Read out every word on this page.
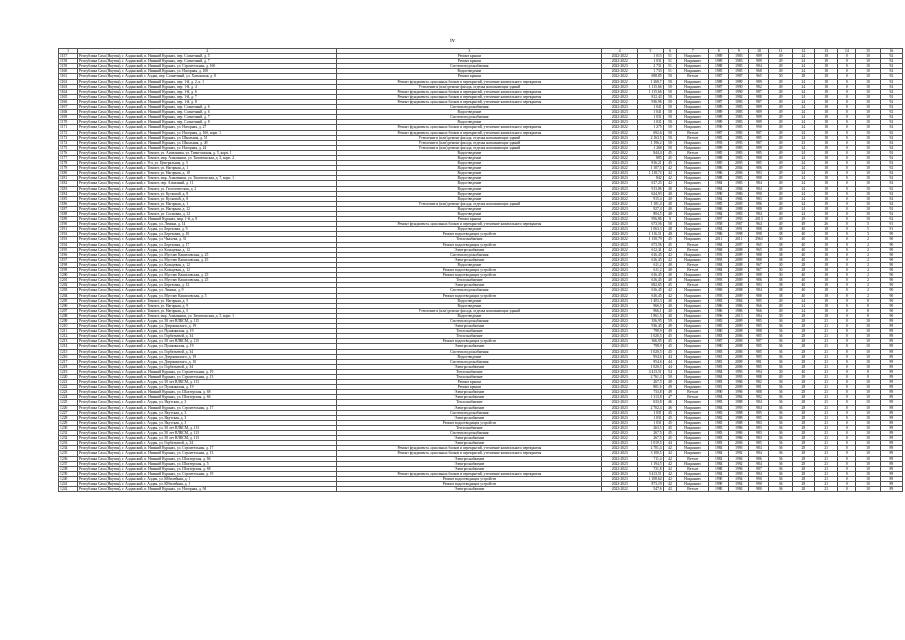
iv
1	2	3	4	5	6	7	8	9	10	11	12	13	14	15	16
1157	Республика Саха (Якутия), г. Алданский, п. Нижний Куранах, пер. Солнечный, д. 5	Ремонт крыши	2022-2022	1 015	51	Нахраниес	1989	1983	989	49	24	18	0	10	92
1158	Республика Саха (Якутия), г. Алданский, п. Нижний Куранах, пер. Солнечный, д. 7	Ремонт крыши	2022-2022	1 031	51	Нахраниес	1989	1983	989	49	24	18	0	10	92
1159	Республика Саха (Якутия), г. Алданский, п. Нижний Куранах, ул. Строительная, д. 16б	Система водоснабжения	2022-2023	2 731	51	Нахраниес	1988	1983	984	49	24	18	0	10	92
1160	Республика Саха (Якутия), г. Алданский, п. Нижний Куранах, ул. Нагорная, д. 100	Водоотведение	2022-2022	1 733	51	Нахраниес	1985	1985	968	49	24	18	0	10	92
1161	Республика Саха (Якутия), г. Алданский, г. Алдан, пер. Солнечный, ул. Хатынская, д. 8	Ремонт крыши	2022-2022	698,85	50	Ветхое	1987	1987	965	50	28	18	0	10	92
1162	Республика Саха (Якутия), г. Алданский, п. Нижний Куранах, пер. 1-й, д. 2, к. 1	Ремонт фундамента, цокольных блоков и перекрытий, утепление капитального перекрытия	2022-2022	1 268,7	50	Нахраниес	1989	1989	989	49	24	18	0	10	92
1163	Республика Саха (Якутия), г. Алданский, п. Нижний Куранах, пер. 1-й, д. 4	Утепление и (или) ремонт фасада, отделка наполняющих зданий	2022-2023	1 115,66	50	Нахраниес	1987	1990	982	49	24	18	0	10	92
1164	Республика Саха (Якутия), г. Алданский, п. Нижний Куранах, пер. 1-й, д. 6	Ремонт фундамента, цокольных блоков и перекрытий, утепление капитального перекрытия	2022-2022	1 115,66	50	Нахраниес	1987	1990	987	49	24	18	0	10	92
1165	Республика Саха (Якутия), г. Алданский, п. Нижний Куранах, пер. 1-й, д. 7	Ремонт фундамента, цокольных блоков и перекрытий, утепление капитального перекрытия	2022-2023	812,43	50	Нахраниес	1989	1984	988	49	24	18	0	10	92
1166	Республика Саха (Якутия), г. Алданский, п. Нижний Куранах, пер. 1-й, д. 8	Ремонт фундамента, цокольных блоков и перекрытий, утепление капитального перекрытия	2022-2022	936,96	50	Нахраниес	1987	1983	987	49	24	18	0	10	92
1167	Республика Саха (Якутия), г. Алданский, п. Нижний Куранах, пер. Солнечный, д. 6	Система водоснабжения	2022-2023	1 041	50	Нахраниес	1989	1983	989	49	24	18	0	10	92
1168	Республика Саха (Якутия), г. Алданский, п. Нижний Куранах, пер. Солнечный, д. 6	Водоотведение	2022-2023	1 041	50	Нахраниес	1989	1983	989	49	24	18	0	10	92
1169	Республика Саха (Якутия), г. Алданский, п. Нижний Куранах, пер. Солнечный, д. 7	Система водоснабжения	2022-2022	1 031	50	Нахраниес	1989	1983	989	49	24	18	0	10	92
1170	Республика Саха (Якутия), г. Алданский, п. Нижний Куранах, пер. Солнечный, д. 8	Водоотведение	2022-2023	1 031	50	Нахраниес	1989	1983	989	49	24	18	0	10	92
1171	Республика Саха (Якутия), г. Алданский, п. Нижний Куранах, ул. Нагорная, д. 27	Ремонт фундамента, цокольных блоков и перекрытий, утепление капитального перекрытия	2022-2022	1 275	50	Нахраниес	1990	1983	990	49	24	18	0	10	92
1172	Республика Саха (Якутия), г. Алданский, п. Нижний Куранах, ул. Нагорная, д. 16б, корп. 1	Ремонт фундамента, цокольных блоков и перекрытий, утепление капитального перекрытия	2022-2022	692,6	50	Ветхое	1987	1983	987	49	24	18	0	10	92
1173	Республика Саха (Якутия), г. Алданский, п. Нижний Куранах, ул. Школьная, д. 51	Утепление и (или) ремонт фасада, отделка наполняющих зданий	2022-2023	2 163,5	50	Ветхое	1985	1983	985	49	24	18	0	10	92
1174	Республика Саха (Якутия), г. Алданский, п. Нижний Куранах, ул. Школьная, д. 49	Утепление и (или) ремонт фасада, отделка наполняющих зданий	2022-2023	1 196,2	50	Нахраниес	1993	1993	987	49	23	18	0	10	92
1175	Республика Саха (Якутия), г. Алданский, п. Нижний Куранах, ул. Нагорная, д. 24	Утепление и (или) ремонт фасада, отделка наполняющих зданий	2022-2022	1 268	50	Нахраниес	1989	1983	989	49	24	18	0	10	92
1176	Республика Саха (Якутия), г. Алданский, г. Томмот, ул. Алмазники, ул. Тимптонская, д. 5, корп. 1	Водоотведение	2022-2022	844,4	45	Ветхое	1985	1983	985	49	24	18	0	10	92
1177	Республика Саха (Якутия), г. Алданский, г. Томмот, мкр. Алмазники, ул. Тимптонская, д. 5, корп. 2	Водоотведение	2022-2022	885	45	Нахраниес	1988	1983	988	49	24	18	0	10	92
1178	Республика Саха (Якутия), г. Алданский, г. Угл, ул. Центральная, д. 3	Водоотведение	2022-2023	816,21	45	Нахраниес	1985	2005	985	49	24	18	0	10	92
1179	Республика Саха (Якутия), г. Алданский, г. Томмот, ул. Нагорная, д. 1	Водоотведение	2022-2022	1 107,5	42	Нахраниес	1986	2004	986	49	24	18	0	10	92
1180	Республика Саха (Якутия), г. Алданский, г. Томмот, ул. Нагорная, д. 10	Водоотведение	2022-2023	1 118,72	42	Нахраниес	1986	2006	983	49	24	18	0	10	92
1181	Республика Саха (Якутия), г. Алданский, г. Томмот, мкр. Алмазники, ул. Тимптонская, д. 7, корп. 1	Водоотведение	2022-2023	842	42	Нахраниес	1988	1983	988	49	24	18	0	10	92
1182	Республика Саха (Якутия), г. Алданский, г. Томмот, пер. Алмазный, д. 11	Водоотведение	2022-2023	617,25	42	Нахраниес	1984	1983	984	49	24	18	0	10	92
1183	Республика Саха (Якутия), г. Алданский, г. Томмот, ул. Геологическая, д. 2	Водоотведение	2022-2023	913,86	40	Нахраниес	1984	1984	984	49	24	18	0	10	92
1184	Республика Саха (Якутия), г. Алданский, г. Томмот, ул. Кусковой, д. 8	Водоотведение	2022-2022	624,93	40	Нахраниес	1990	1986	990	49	24	18	0	10	92
1185	Республика Саха (Якутия), г. Алданский, г. Томмот, ул. Кусковой, д. 8	Водоотведение	2022-2022	915,4	40	Нахраниес	1984	1984	983	49	24	18	0	10	92
1186	Республика Саха (Якутия), г. Алданский, г. Томмот, ул. Нагорная, д. 1	Утепление и (или) ремонт фасада, отделка наполняющих зданий	2022-2022	1 181,4	40	Нахраниес	1985	2005	986	49	24	18	0	10	92
1187	Республика Саха (Якутия), г. Алданский, г. Томмот, ул. Нагорная, д. 12	Водоотведение	2022-2023	927,4	40	Нахраниес	1986	1988	988	49	24	18	0	10	92
1188	Республика Саха (Якутия), г. Алданский, г. Томмот, ул. Сосновая, д. 12	Водоотведение	2022-2023	884,5	40	Нахраниес	1984	1983	984	49	24	18	0	10	92
1189	Республика Саха (Якутия), г. Алданский, п. Нижний Куранах, мкр. 1-й, д. 8	Ремонт крыши	2022-2022	956,86	0	Нахраниес	1997	1993	2013	49	29	18	0	10	92
1190	Республика Саха (Якутия), г. Алданский, г. Алдан, ул. Ленина, д. 14	Ремонт фундамента, цокольных блоков и перекрытий, утепление капитального перекрытия	2022-2023	673,56	50	Нахраниес	1958	1967	964	49	49	26	0	5	91
1191	Республика Саха (Якутия), г. Алданский, г. Алдан, ул. Березовая, д. 9	Водоотведение	2022-2023	1 063,3	48	Нахраниес	1984	1991	988	38	40	18	0	5	91
1192	Республика Саха (Якутия), г. Алданский, г. Алдан, ул. Березовая, д. 10	Ремонт водоотводящих устройств	2022-2023	1 116,51	48	Нахраниес	1986	1998	998	38	40	18	0	3	90
1193	Республика Саха (Якутия), г. Алданский, г. Алдан, ул. Чкалова, д. 31	Теплоснабжение	2022-2022	1 158,79	45	Нахраниес	2011	2011	2963	30	40	18	0	2	90
1194	Республика Саха (Якутия), г. Алданский, г. Алдан, ул. Березовая, д. 17	Ремонт водоотводящих устройств	2022-2023	673,56	45	Ветхое	1984	2007	965	38	40	18	0	2	90
1195	Республика Саха (Якутия), г. Алданский, г. Алдан, ул. Кольцевая, д. 12	Электроснабжение	2022-2022	612,41	42	Ветхое	1968	2008	965	38	40	18	0	2	90
1196	Республика Саха (Якутия), г. Алданский, г. Алдан, ул. Мустаю Кашиловская, д. 25	Система водоснабжения	2022-2023	616,45	42	Нахраниес	1993	2009	988	38	40	18	0	2	90
1197	Республика Саха (Якутия), г. Алданский, г. Алдан, ул. Мустаю Кашиловская, д. 25	Электроснабжение	2022-2023	616,45	42	Нахраниес	1993	2009	988	38	40	18	0	2	90
1198	Республика Саха (Якутия), г. Алданский, г. Алдан, ул. Кольцевая, д. 12	Водоотведение	2022-2023	611,2	40	Ветхое	1984	2008	967	30	28	18	0	2	90
1199	Республика Саха (Якутия), г. Алданский, г. Алдан, ул. Кольцевая, д. 12	Ремонт водоотводящих устройств	2022-2023	611,2	40	Ветхое	1984	2008	967	30	28	18	0	2	90
1200	Республика Саха (Якутия), г. Алданский, г. Алдан, ул. Мустаю Кашиловская, д. 25	Ремонт водоотводящих устройств	2022-2023	616,45	40	Нахраниес	1993	2009	988	30	40	18	0	2	90
1201	Республика Саха (Якутия), г. Алданский, г. Алдан, ул. Мустаю Кашиловская, д. 25	Теплоснабжение	2022-2023	616,45	40	Нахраниес	1993	2009	986	38	40	18	0	2	90
1202	Республика Саха (Якутия), г. Алданский, г. Алдан, ул. Березовая, д. 12	Электроснабжение	2022-2023	692,65	45	Ветхое	1983	2008	983	38	40	18	0	2	90
1203	Республика Саха (Якутия), г. Алданский, г. Алдан, ул. Ленина, д. 9	Система водоснабжения	2022-2022	616,45	42	Нахраниес	1969	2008	984	38	40	18	0	2	90
1204	Республика Саха (Якутия), г. Алданский, г. Алдан, ул. Мустаю Кашиловская, д. 5	Ремонт водоотводящих устройств	2022-2022	616,45	42	Нахраниес	1993	2009	988	38	40	18	0	2	90
1205	Республика Саха (Якутия), г. Алданский, г. Томмот, ул. Нагорная, д. 5	Водоотведение	2022-2023	1 403,3	40	Нахраниес	1983	1984	985	49	24	18	0	8	90
1206	Республика Саха (Якутия), г. Алданский, г. Томмот, ул. Нагорная, д. 9	Водоотведение	2022-2023	966,5	40	Нахраниес	1986	1986	966	49	24	18	0	8	90
1207	Республика Саха (Якутия), г. Алданский, г. Томмот, ул. Нагорная, д. 5	Утепление и (или) ремонт фасада, отделка наполняющих зданий	2022-2023	966,1	40	Нахраниес	1986	1986	966	49	24	18	0	8	90
1208	Республика Саха (Якутия), г. Алданский, г. Томмот, мкр. Алмазники, ул. Тимптонская, д. 5, корп. 1	Водоотведение	2022-2023	1 861,5	40	Нахраниес	1996	2013	984	39	28	18	0	8	90
1209	Республика Саха (Якутия), г. Алданский, г. Алдан, ул. 50 лет ВЛКСМ, д. 115	Система водоснабжения	2022-2023	356,95	59	Нахраниес	1983	2009	985	36	28	21	0	10	89
1210	Республика Саха (Якутия), г. Алданский, г. Алдан, ул. Дзержинского, д. 19	Электроснабжение	2022-2022	936,45	49	Нахраниес	1985	2009	985	36	28	21	0	10	89
1211	Республика Саха (Якутия), г. Алданский, г. Алдан, ул. Пушкинская, д. 19	Теплоснабжение	2022-2023	798,9	49	Нахраниес	1980	2008	988	36	28	21	0	10	89
1212	Республика Саха (Якутия), г. Алданский, г. Алдан, ул. Горбатьевой, д. 34	Теплоснабжение	2022-2023	1 020,5	45	Нахраниес	1983	2006	985	36	28	21	0	10	89
1213	Республика Саха (Якутия), г. Алданский, г. Алдан, ул. 50 лет ВЛКСМ, д. 115	Ремонт водоотводящих устройств	2022-2023	366,95	45	Нахраниес	1987	2009	987	36	28	21	0	10	89
1214	Республика Саха (Якутия), г. Алданский, г. Алдан, ул. Пушкинская, д. 19	Электроснабжение	2022-2023	798,9	45	Нахраниес	1980	2008	985	36	28	21	0	10	89
1215	Республика Саха (Якутия), г. Алданский, г. Алдан, ул. Горбатьевой, д. 34	Система водоснабжения	2022-2023	1 020,5	45	Нахраниес	1983	2006	985	36	28	21	0	10	89
1216	Республика Саха (Якутия), г. Алданский, г. Алдан, ул. Дзержинского, д. 19	Водоотведение	2022-2023	954,6	44	Нахраниес	1981	2009	985	36	28	21	0	10	89
1217	Республика Саха (Якутия), г. Алданский, г. Алдан, ул. Дзержинского, д. 10	Система водоснабжения	2022-2023	954,6	44	Нахраниес	1981	2009	981	36	28	21	0	10	89
1218	Республика Саха (Якутия), г. Алданский, г. Алдан, ул. Горбатьевой, д. 34	Электроснабжение	2022-2023	1 020,5	44	Нахраниес	1983	2006	985	36	28	21	0	10	89
1219	Республика Саха (Якутия), г. Алданский, п. Нижний Куранах, ул. Строительная, д. 19	Теплоснабжение	2022-2023	3 413,51	54	Нахраниес	1984	1993	994	30	40	21	0	8	89
1220	Республика Саха (Якутия), г. Алданский, п. Нижний Куранах, ул. Строительная, д. 13	Теплоснабжение	2022-2023	2 761,3	50	Нахраниес	1984	1993	988	49	29	21	0	8	89
1221	Республика Саха (Якутия), г. Алданский, г. Алдан, ул. 50 лет ВЛКСМ, д. 113	Ремонт крыши	2022-2023	267,5	49	Нахраниес	1983	1986	982	36	28	21	0	10	89
1222	Республика Саха (Якутия), г. Алданский, г. Алдан, ул. Пушкинская, д. 19	Ремонт крыши	2022-2022	801,6	49	Нахраниес	1981	2009	981	36	28	21	0	10	89
1223	Республика Саха (Якутия), г. Алданский, п. Нижний Куранах, ул. Шахтерская, д. 68	Электроснабжение	2022-2023	733,8	49	Ветхое	1990	1996	988	36	28	21	0	10	89
1224	Республика Саха (Якутия), г. Алданский, п. Нижний Куранах, ул. Шахтерская, д. 66	Электроснабжение	2022-2023	1 313,8	47	Ветхое	1984	1984	982	36	28	21	0	10	89
1225	Республика Саха (Якутия), г. Алданский, г. Алдан, ул. Якутская, д. 3	Теплоснабжение	2022-2023	633,8	46	Нахраниес	1983	1988	984	36	28	21	0	10	89
1226	Республика Саха (Якутия), г. Алданский, п. Нижний Куранах, ул. Строительная, д. 17	Электроснабжение	2022-2023	2 702,4	46	Нахраниес	1984	1993	984	36	28	21	0	10	89
1227	Республика Саха (Якутия), г. Алданский, г. Алдан, ул. Якутская, д. 3	Система водоснабжения	2022-2023	1 031	45	Нахраниес	1983	1988	985	36	28	21	0	10	89
1228	Республика Саха (Якутия), г. Алданский, г. Алдан, ул. Якутская, д. 3	Электроснабжение	2022-2023	1 031	45	Нахраниес	1982	1988	985	36	28	21	0	10	89
1229	Республика Саха (Якутия), г. Алданский, г. Алдан, ул. Якутская, д. 3	Ремонт водоотводящих устройств	2022-2023	1 031	45	Нахраниес	1983	1988	983	36	28	21	0	10	89
1230	Республика Саха (Якутия), г. Алданский, г. Алдан, ул. 50 лет ВЛКСМ, д. 113	Теплоснабжение	2022-2023	263,5	45	Нахраниес	1983	1986	983	36	28	21	0	10	89
1231	Республика Саха (Якутия), г. Алданский, г. Алдан, ул. 50 лет ВЛКСМ, д. 113	Система водоснабжения	2022-2023	267,5	45	Нахраниес	1983	1986	983	36	28	21	0	10	89
1232	Республика Саха (Якутия), г. Алданский, г. Алдан, ул. 50 лет ВЛКСМ, д. 113	Электроснабжение	2022-2022	267,5	45	Нахраниес	1983	1986	983	36	28	21	0	10	89
1233	Республика Саха (Якутия), г. Алданский, г. Алдан, ул. Горбатьевой, д. 34	Электроснабжение	2022-2023	1 019,5	44	Нахраниес	1983	2006	985	36	28	21	0	10	89
1234	Республика Саха (Якутия), г. Алданский, п. Нижний Куранах, ул. Строительная, д. 17	Ремонт фундамента, цокольных блоков и перекрытий, утепление капитального перекрытия	2022-2023	2 701,4	42	Нахраниес	1984	1993	984	36	28	21	0	10	89
1235	Республика Саха (Якутия), г. Алданский, п. Нижний Куранах, ул. Строительная, д. 13	Ремонт фундамента, цокольных блоков и перекрытий, утепление капитального перекрытия	2022-2023	3 100,5	42	Нахраниес	1984	1992	984	36	28	21	0	10	89
1236	Республика Саха (Якутия), г. Алданский, п. Нижний Куранах, ул. Шахтерская, д. 66	Электроснабжение	2022-2023	711,4	42	Ветхое	1982	1984	986	36	28	21	0	10	89
1237	Республика Саха (Якутия), г. Алданский, п. Нижний Куранах, ул. Шахтерская, д. 5	Электроснабжение	2022-2023	1 194,5	42	Нахраниес	1984	1992	984	36	28	21	0	10	89
1238	Республика Саха (Якутия), г. Алданский, п. Нижний Куранах, ул. Шахтерская, д. 68	Электроснабжение	2022-2022	731,8	42	Ветхое	1988	1996	987	36	28	21	0	10	89
1239	Республика Саха (Якутия), г. Алданский, п. Нижний Куранах, ул. Строительная, д. 19	Ремонт фундамента, цокольных блоков и перекрытий, утепление капитального перекрытия	2022-2023	3 413,51	42	Нахраниес	1984	1993	984	36	28	21	0	10	89
1240	Республика Саха (Якутия), г. Алданский, г. Алдан, ул. Юбилейная, д. 1	Ремонт водоотводящих устройств	2022-2023	1 108,64	42	Нахраниес	1990	1994	990	36	28	21	0	10	89
1241	Республика Саха (Якутия), г. Алданский, г. Алдан, ул. Юбилейная, д. 1	Ремонт водоотводящих устройств	2022-2023	873,19	42	Нахраниес	1990	1994	990	36	28	21	0	10	89
1242	Республика Саха (Якутия), г. Алданский, п. Нижний Куранах, ул. Нагорная, д. 94	Электроснабжение	2022-2022	547,6	42	Ветхое	1980	1984	980	36	28	21	0	10	89
